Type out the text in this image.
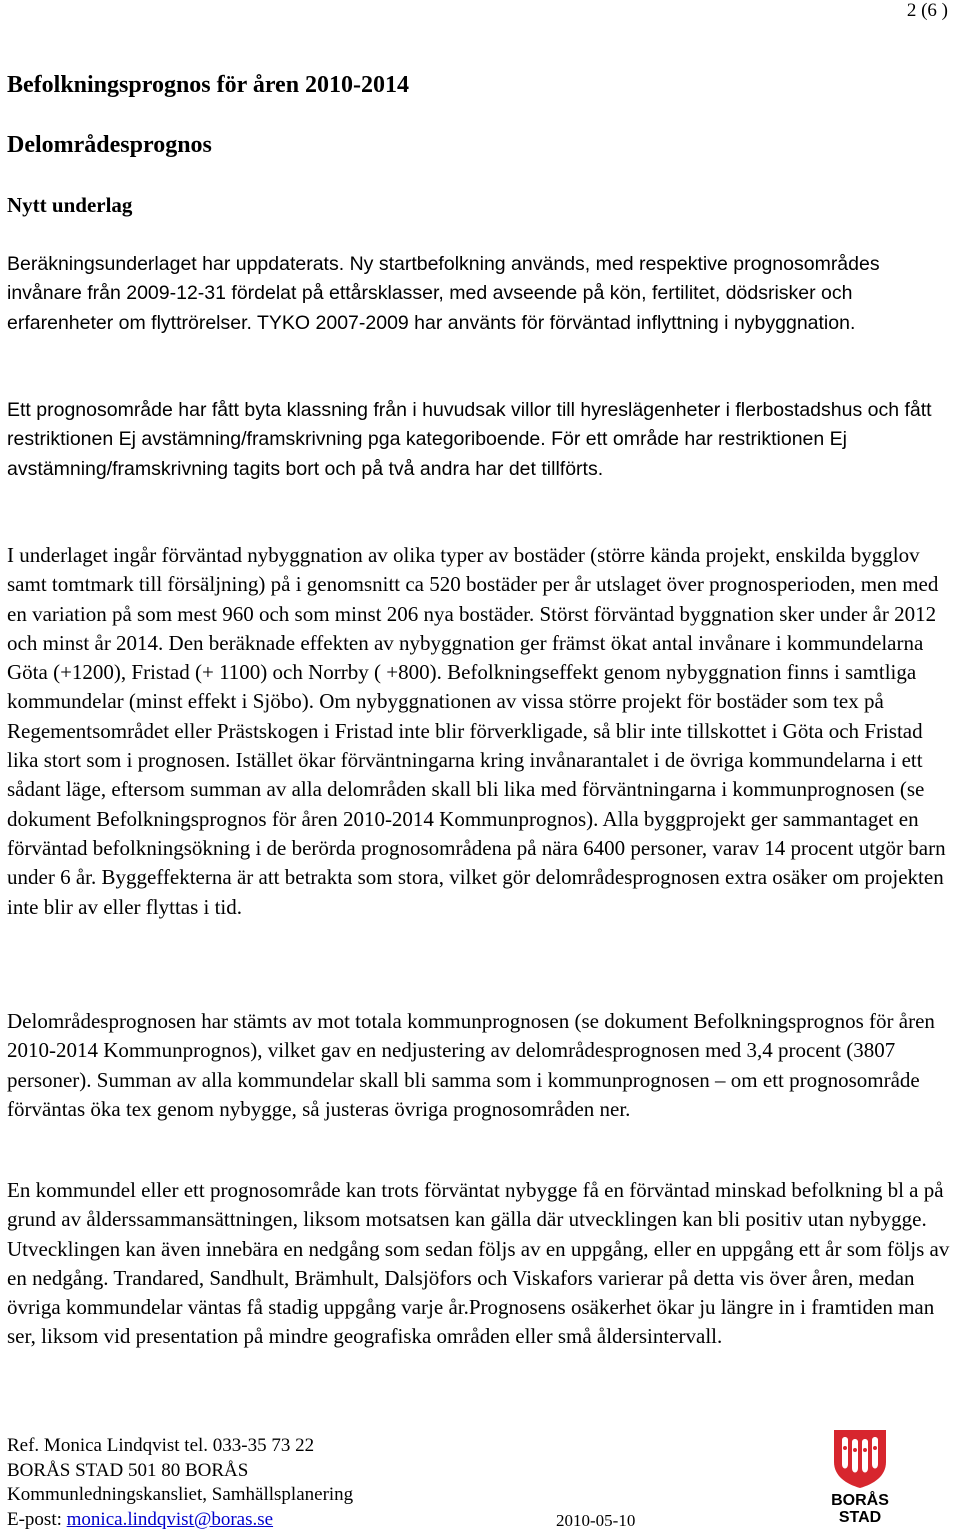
2 (6 )
Befolkningsprognos för åren 2010-2014
Delområdesprognos
Nytt underlag

Beräkningsunderlaget har uppdaterats. Ny startbefolkning används, med respektive prognosområdes invånare från 2009-12-31 fördelat på ettårsklasser, med avseende på kön, fertilitet, dödsrisker och erfarenheter om flyttrörelser. TYKO 2007-2009 har använts för förväntad inflyttning i nybyggnation.

Ett prognosområde har fått byta klassning från i huvudsak villor till hyreslägenheter i flerbostadshus och fått restriktionen Ej avstämning/framskrivning pga kategoriboende. För ett område har restriktionen Ej avstämning/framskrivning tagits bort och på två andra har det tillförts.

I underlaget ingår förväntad nybyggnation av olika typer av bostäder (större kända projekt, enskilda bygglov samt tomtmark till försäljning) på i genomsnitt ca 520 bostäder per år utslaget över prognosperioden, men med en variation på som mest 960 och som minst 206 nya bostäder. Störst förväntad byggnation sker under år 2012 och minst år 2014. Den beräknade effekten av nybyggnation ger främst ökat antal invånare i kommundelarna Göta (+1200), Fristad (+ 1100) och Norrby ( +800). Befolkningseffekt genom nybyggnation finns i samtliga kommundelar (minst effekt i Sjöbo). Om nybyggnationen av vissa större projekt för bostäder som tex på Regementsområdet eller Prästskogen i Fristad inte blir förverkligade, så blir inte tillskottet i Göta och Fristad lika stort som i prognosen. Istället ökar förväntningarna kring invånarantalet i de övriga kommundelarna i ett sådant läge, eftersom summan av alla delområden skall bli lika med förväntningarna i kommunprognosen (se dokument Befolkningsprognos för åren 2010-2014 Kommunprognos). Alla byggprojekt ger sammantaget en förväntad befolkningsökning i de berörda prognosområdena på nära 6400 personer, varav 14 procent utgör barn under 6 år. Byggeffekterna är att betrakta som stora, vilket gör delområdesprognosen extra osäker om projekten inte blir av eller flyttas i tid.

Delområdesprognosen har stämts av mot totala kommunprognosen (se dokument Befolkningsprognos för åren 2010-2014 Kommunprognos), vilket gav en nedjustering av delområdesprognosen med 3,4 procent (3807 personer). Summan av alla kommundelar skall bli samma som i kommunprognosen – om ett prognosområde förväntas öka tex genom nybygge, så justeras övriga prognosområden ner.

En kommundel eller ett prognosområde kan trots förväntat nybygge få en förväntad minskad befolkning bl a på grund av ålderssammansättningen, liksom motsatsen kan gälla där utvecklingen kan bli positiv utan nybygge. Utvecklingen kan även innebära en nedgång som sedan följs av en uppgång, eller en uppgång ett år som följs av en nedgång. Trandared, Sandhult, Brämhult, Dalsjöfors och Viskafors varierar på detta vis över åren, medan övriga kommundelar väntas få stadig uppgång varje år.Prognosens osäkerhet ökar ju längre in i framtiden man ser, liksom vid presentation på mindre geografiska områden eller små åldersintervall.

Ref. Monica Lindqvist tel. 033-35 73 22
BORÅS STAD 501 80 BORÅS
Kommunledningskansliet, Samhällsplanering
E-post: monica.lindqvist@boras.se	2010-05-10
BORÅS
STAD
